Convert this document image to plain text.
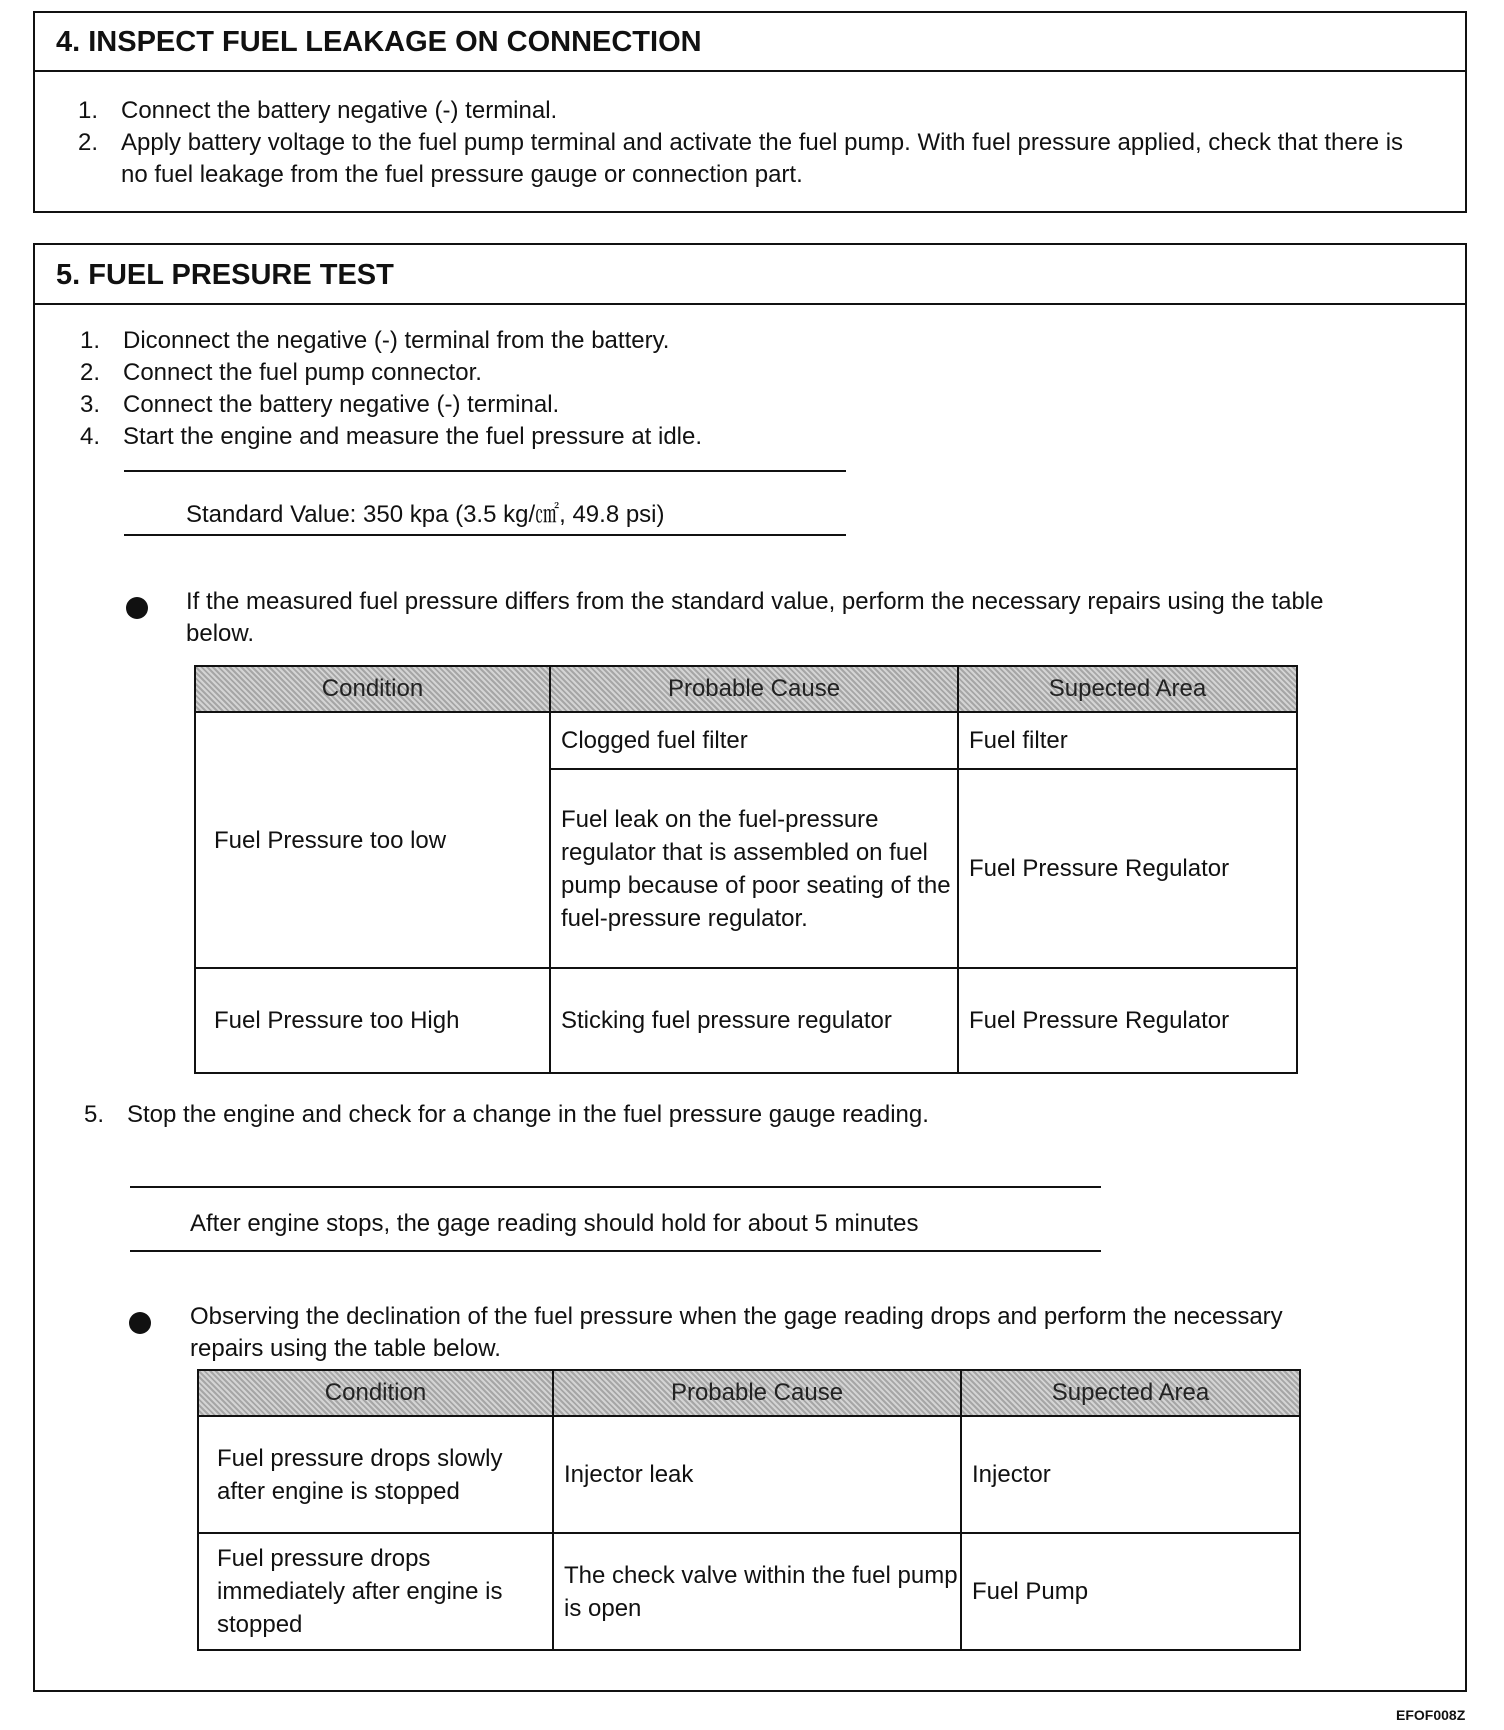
4. INSPECT FUEL LEAKAGE ON CONNECTION
1. Connect the battery negative (-) terminal.
2. Apply battery voltage to the fuel pump terminal and activate the fuel pump. With fuel pressure applied, check that there is no fuel leakage from the fuel pressure gauge or connection part.
5. FUEL PRESURE TEST
1. Diconnect the negative (-) terminal from the battery.
2. Connect the fuel pump connector.
3. Connect the battery negative (-) terminal.
4. Start the engine and measure the fuel pressure at idle.
Standard Value: 350 kpa (3.5 kg/㎠, 49.8 psi)
If the measured fuel pressure differs from the standard value, perform the necessary repairs using the table below.
Condition	Probable Cause	Supected Area
Fuel Pressure too low	Clogged fuel filter	Fuel filter
	Fuel leak on the fuel-pressure regulator that is assembled on fuel pump because of poor seating of the fuel-pressure regulator.	Fuel Pressure Regulator
Fuel Pressure too High	Sticking fuel pressure regulator	Fuel Pressure Regulator
5. Stop the engine and check for a change in the fuel pressure gauge reading.
After engine stops, the gage reading should hold for about 5 minutes
Observing the declination of the fuel pressure when the gage reading drops and perform the necessary repairs using the table below.
Condition	Probable Cause	Supected Area
Fuel pressure drops slowly after engine is stopped	Injector leak	Injector
Fuel pressure drops immediately after engine is stopped	The check valve within the fuel pump is open	Fuel Pump
EFOF008Z
